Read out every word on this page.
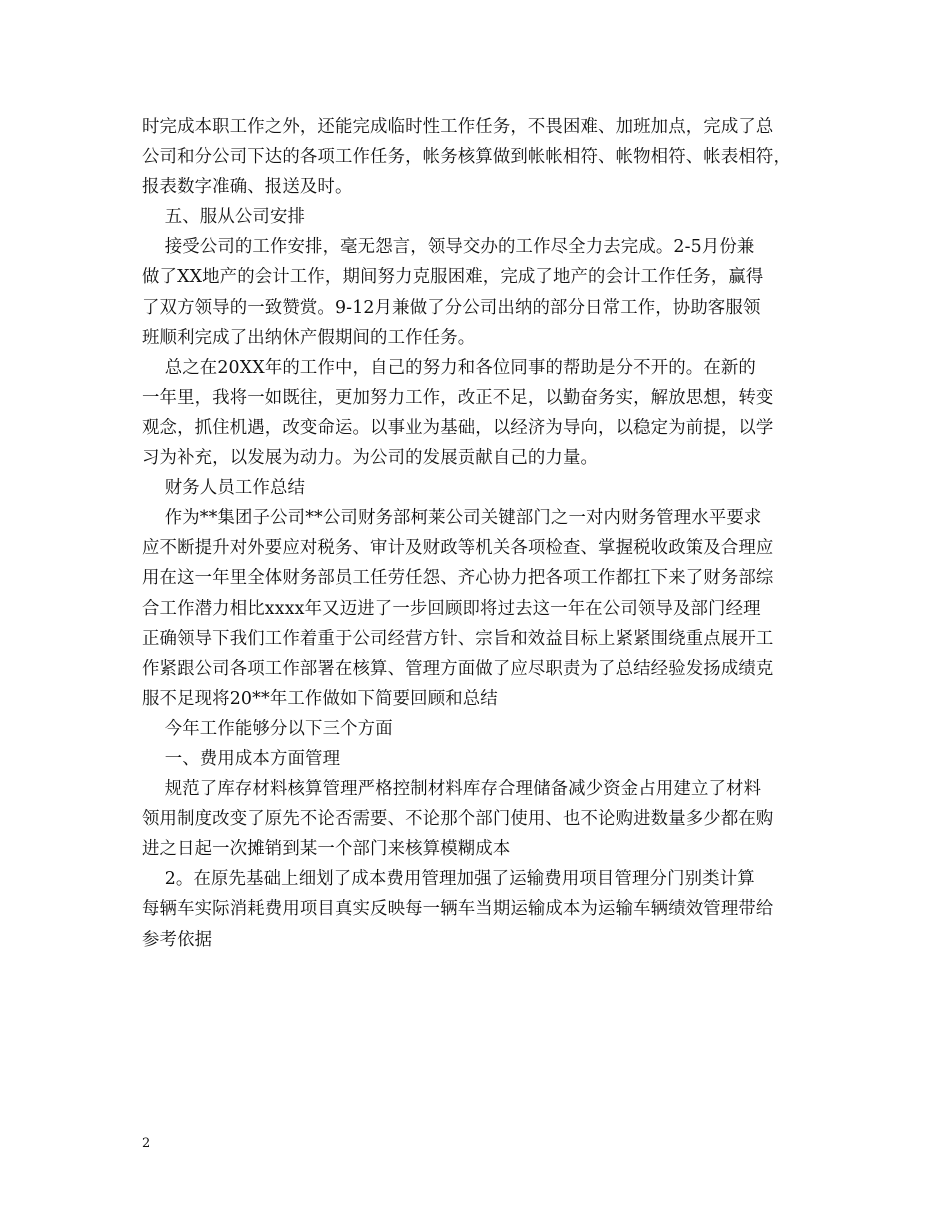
时完成本职工作之外，还能完成临时性工作任务，不畏困难、加班加点，完成了总

公司和分公司下达的各项工作任务，帐务核算做到帐帐相符、帐物相符、帐表相符，

报表数字准确、报送及时。

五、服从公司安排

接受公司的工作安排，毫无怨言，领导交办的工作尽全力去完成。2-5月份兼

做了XX地产的会计工作，期间努力克服困难，完成了地产的会计工作任务，赢得

了双方领导的一致赞赏。9-12月兼做了分公司出纳的部分日常工作，协助客服领

班顺利完成了出纳休产假期间的工作任务。

总之在20XX年的工作中，自己的努力和各位同事的帮助是分不开的。在新的

一年里，我将一如既往，更加努力工作，改正不足，以勤奋务实，解放思想，转变

观念，抓住机遇，改变命运。以事业为基础，以经济为导向，以稳定为前提，以学

习为补充，以发展为动力。为公司的发展贡献自己的力量。

财务人员工作总结

作为**集团子公司**公司财务部柯莱公司关键部门之一对内财务管理水平要求

应不断提升对外要应对税务、审计及财政等机关各项检查、掌握税收政策及合理应

用在这一年里全体财务部员工任劳任怨、齐心协力把各项工作都扛下来了财务部综

合工作潜力相比xxxx年又迈进了一步回顾即将过去这一年在公司领导及部门经理

正确领导下我们工作着重于公司经营方针、宗旨和效益目标上紧紧围绕重点展开工

作紧跟公司各项工作部署在核算、管理方面做了应尽职责为了总结经验发扬成绩克

服不足现将20**年工作做如下简要回顾和总结

今年工作能够分以下三个方面

一、费用成本方面管理

规范了库存材料核算管理严格控制材料库存合理储备减少资金占用建立了材料

领用制度改变了原先不论否需要、不论那个部门使用、也不论购进数量多少都在购

进之日起一次摊销到某一个部门来核算模糊成本

2。在原先基础上细划了成本费用管理加强了运输费用项目管理分门别类计算

每辆车实际消耗费用项目真实反映每一辆车当期运输成本为运输车辆绩效管理带给

参考依据

2
